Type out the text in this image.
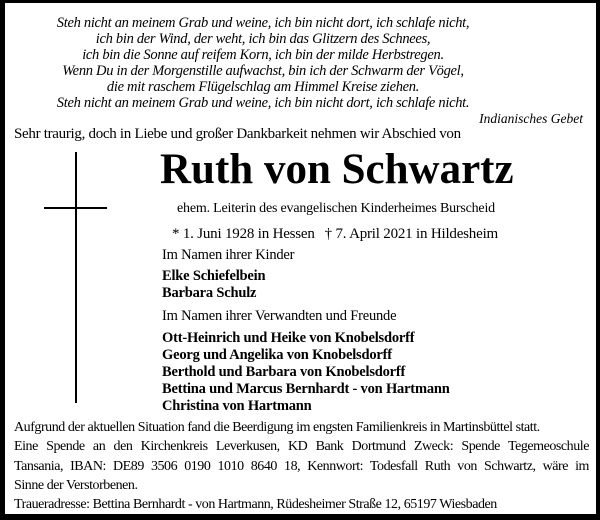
Steh nicht an meinem Grab und weine, ich bin nicht dort, ich schlafe nicht,
ich bin der Wind, der weht, ich bin das Glitzern des Schnees,
ich bin die Sonne auf reifem Korn, ich bin der milde Herbstregen.
Wenn Du in der Morgenstille aufwachst, bin ich der Schwarm der Vögel,
die mit raschem Flügelschlag am Himmel Kreise ziehen.
Steh nicht an meinem Grab und weine, ich bin nicht dort, ich schlafe nicht.
Indianisches Gebet
Sehr traurig, doch in Liebe und großer Dankbarkeit nehmen wir Abschied von
Ruth von Schwartz
ehem. Leiterin des evangelischen Kinderheimes Burscheid
* 1. Juni 1928 in Hessen † 7. April 2021 in Hildesheim

Im Namen ihrer Kinder

Elke Schiefelbein
Barbara Schulz

Im Namen ihrer Verwandten und Freunde

Ott-Heinrich und Heike von Knobelsdorff
Georg und Angelika von Knobelsdorff
Berthold und Barbara von Knobelsdorff
Bettina und Marcus Bernhardt - von Hartmann
Christina von Hartmann
Aufgrund der aktuellen Situation fand die Beerdigung im engsten Familienkreis in Martinsbüttel statt.
Eine Spende an den Kirchenkreis Leverkusen, KD Bank Dortmund Zweck: Spende Tegemeoschule
Tansania, IBAN: DE89 3506 0190 1010 8640 18, Kennwort: Todesfall Ruth von Schwartz, wäre im
Sinne der Verstorbenen.
Traueradresse: Bettina Bernhardt - von Hartmann, Rüdesheimer Straße 12, 65197 Wiesbaden
